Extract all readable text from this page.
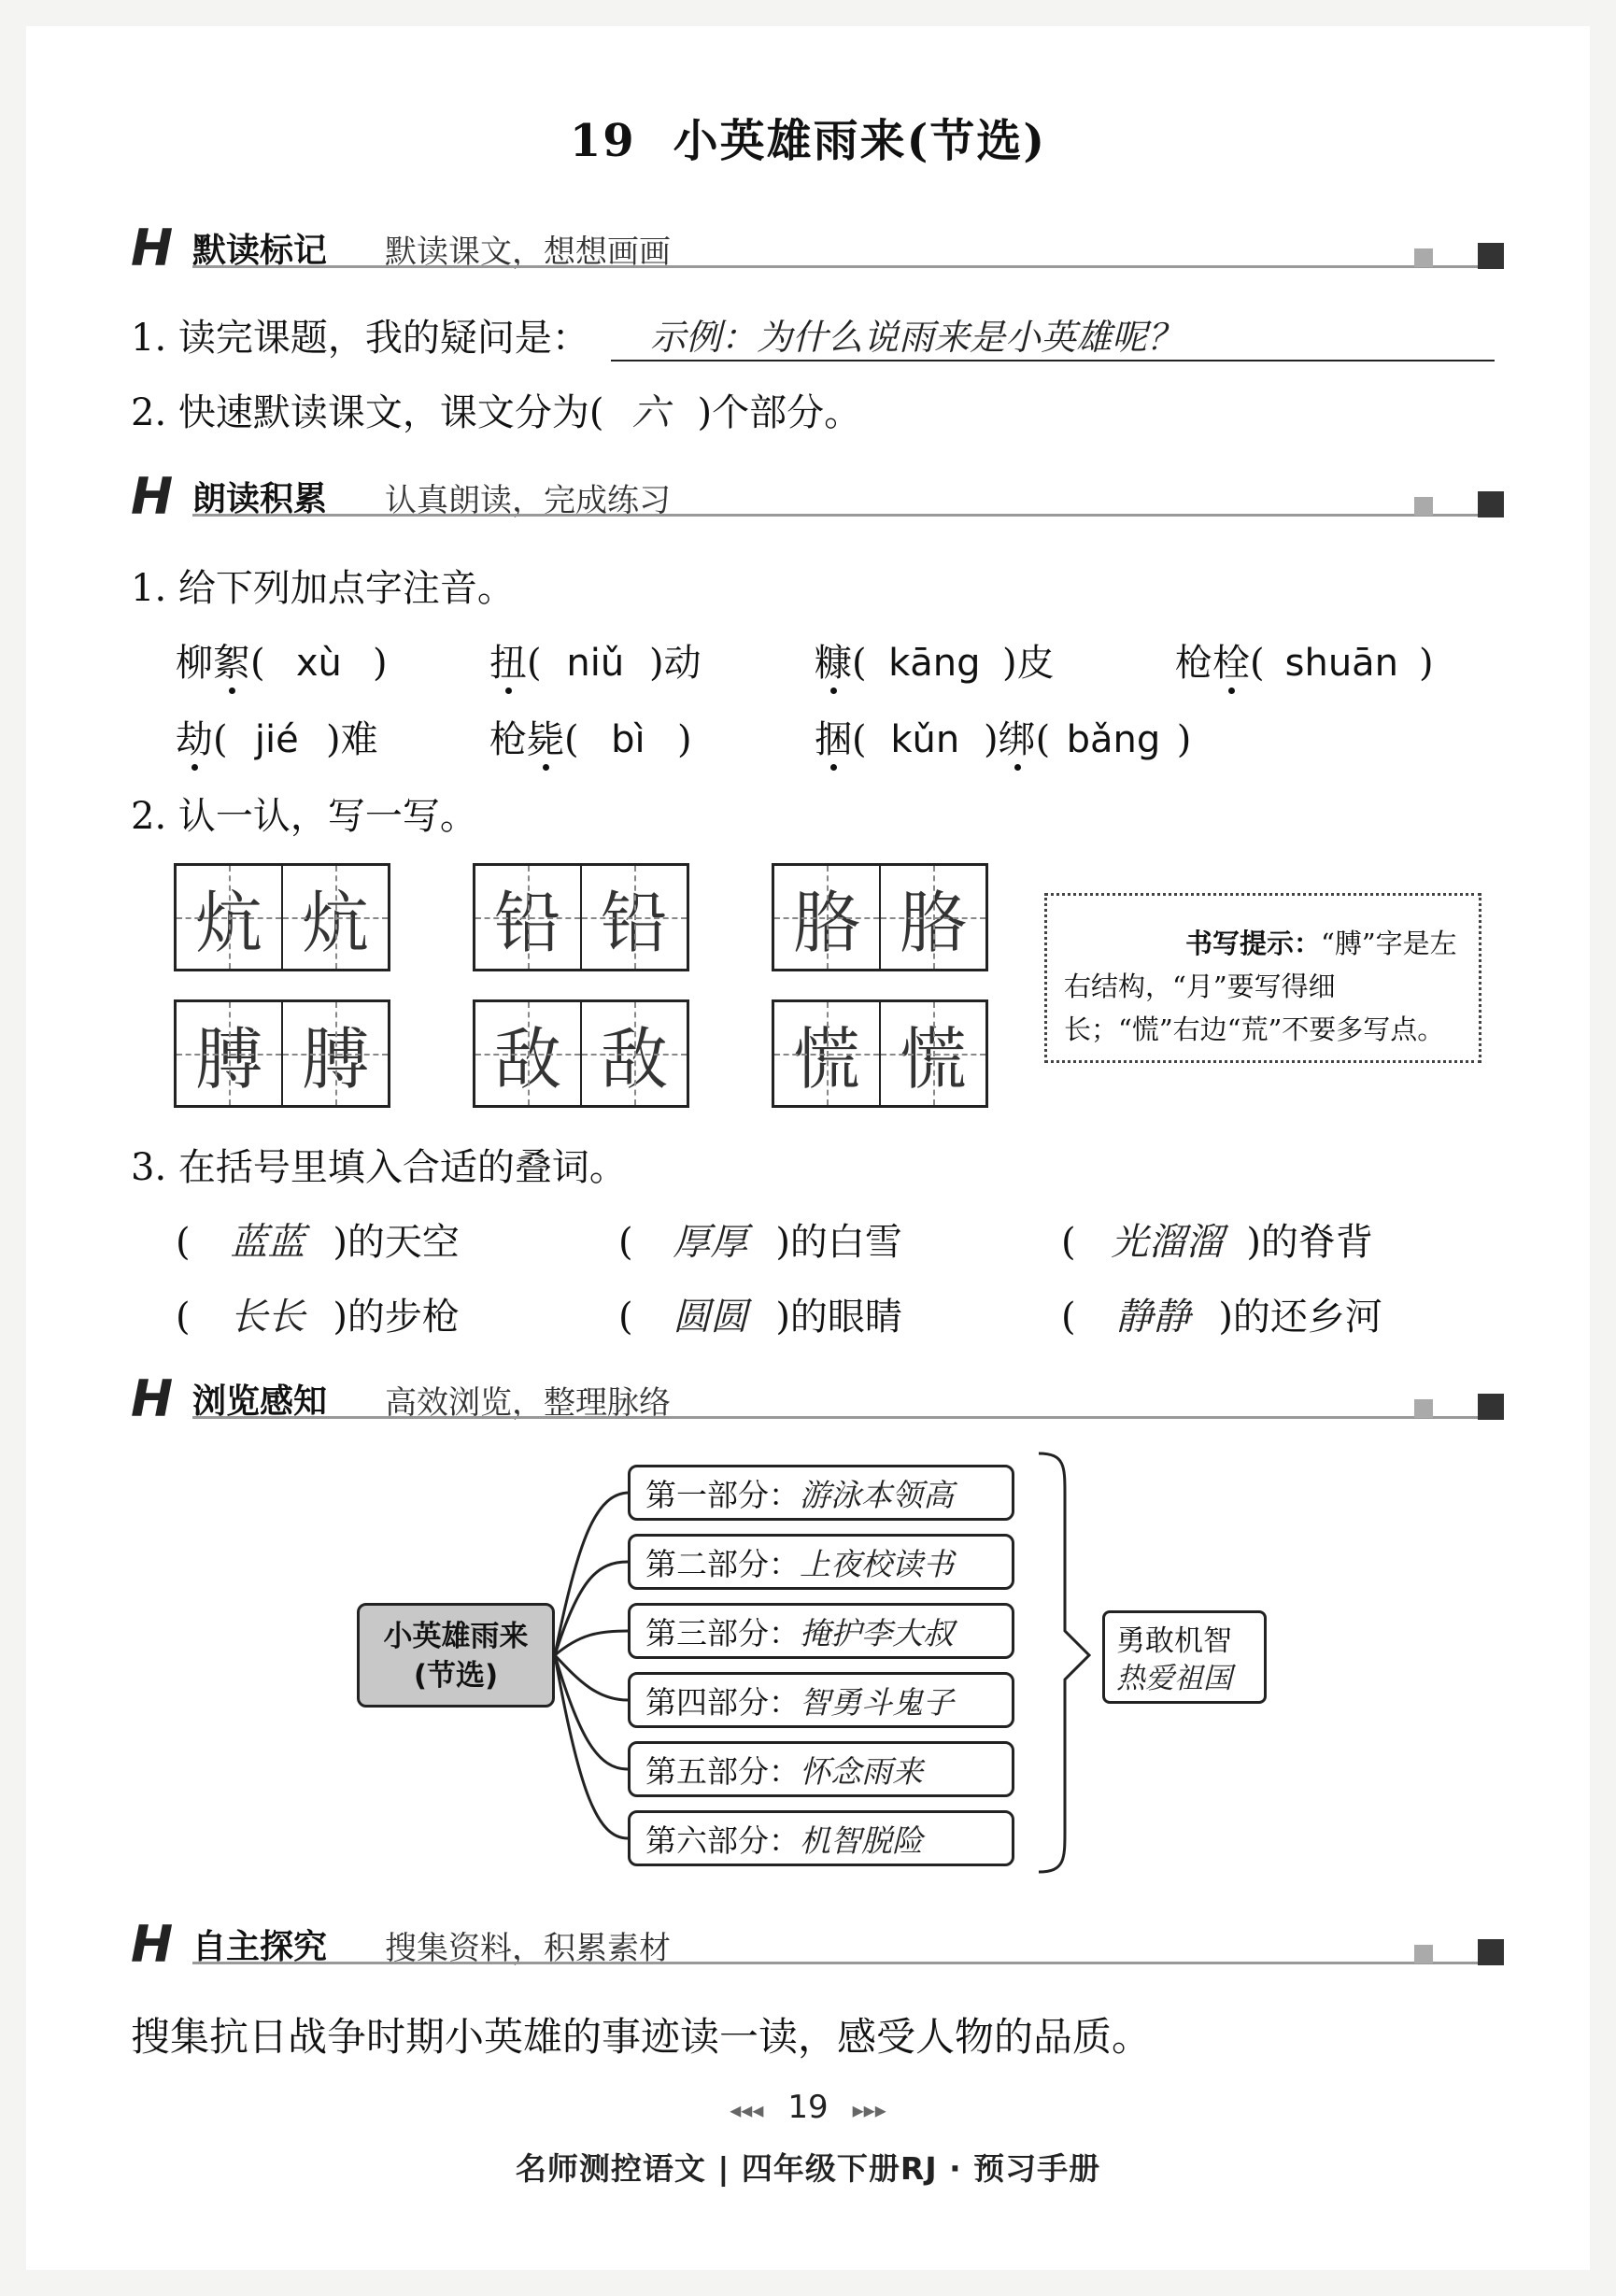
19 小英雄雨来(节选)
H 默读标记 默读课文，想想画画
1. 读完课题，我的疑问是：	示例：为什么说雨来是小英雄呢？
2. 快速默读课文，课文分为( 六 )个部分。
H 朗读积累 认真朗读，完成练习
1. 给下列加点字注音。
柳絮( xù )	扭( niǔ )动	糠( kāng )皮	枪栓( shuān )
劫( jié )难	枪毙( bì )	捆( kǔn )绑( bǎng )
2. 认一认，写一写。
炕 炕 铅 铅 胳 胳
膊 膊 敌 敌 慌 慌
书写提示：“膊”字是左右结构，“月”要写得细长；“慌”右边“荒”不要多写点。
3. 在括号里填入合适的叠词。
( 蓝蓝 )的天空	( 厚厚 )的白雪	( 光溜溜 )的脊背
( 长长 )的步枪	( 圆圆 )的眼睛	( 静静 )的还乡河
H 浏览感知 高效浏览，整理脉络
小英雄雨来
(节选)
第一部分：游泳本领高
第二部分：上夜校读书
第三部分：掩护李大叔
第四部分：智勇斗鬼子
第五部分：怀念雨来
第六部分：机智脱险
勇敢机智
热爱祖国
H 自主探究 搜集资料，积累素材
搜集抗日战争时期小英雄的事迹读一读，感受人物的品质。
◂◂◂ 19 ▸▸▸
名师测控语文 | 四年级下册RJ · 预习手册
